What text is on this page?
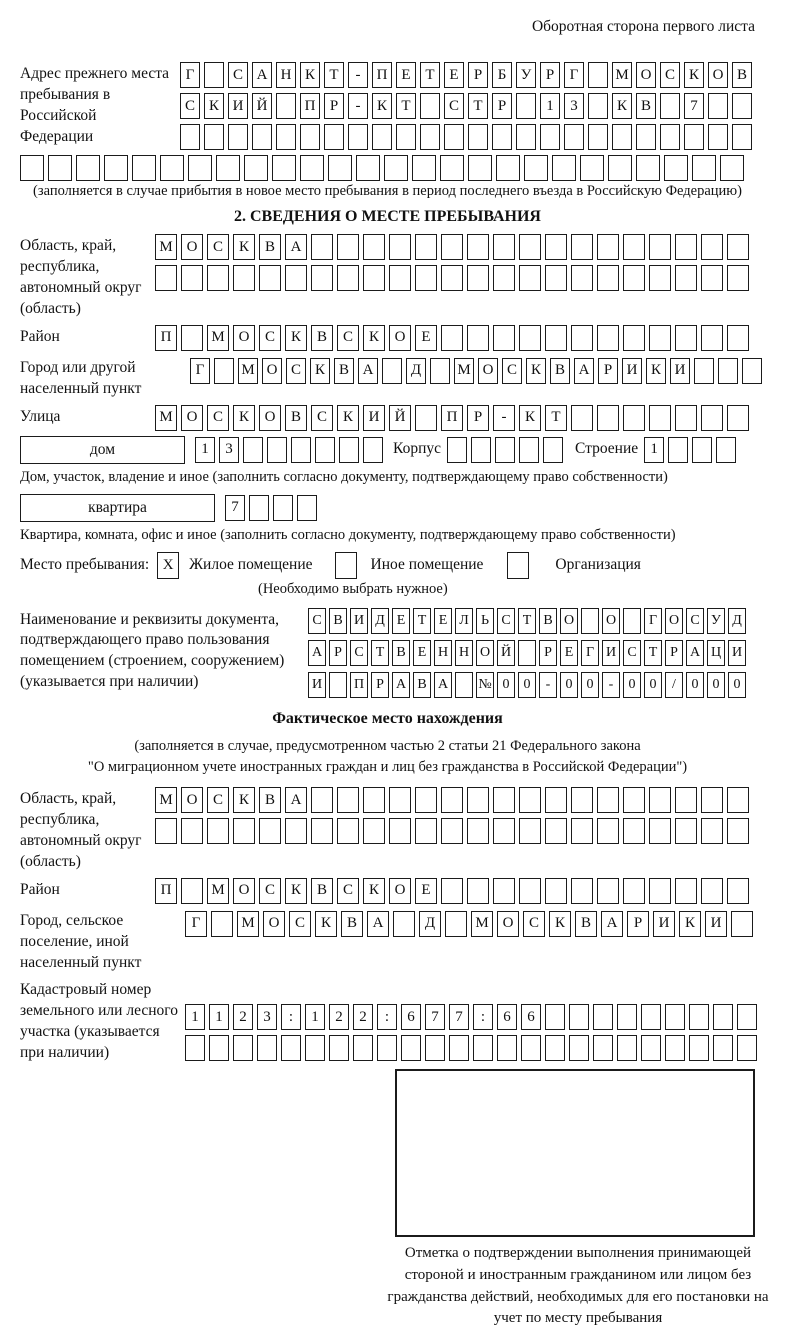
Оборотная сторона первого листа
Адрес прежнего места пребывания в Российской Федерации
Г	С А Н К Т	-	П Е Т Е	Р	Б У Р	Г	М О С К О В
С К И Й	П Р	-	К Т	С Т	Р	1	3	К В	7
(заполняется в случае прибытия в новое место пребывания в период последнего въезда в Российскую Федерацию)
2. СВЕДЕНИЯ О МЕСТЕ ПРЕБЫВАНИЯ
Область, край, республика, автономный округ (область)
М О	С	К	В	А
Район	П	М О	С	К	В	С	К	О	Е
Город или другой населенный пункт
Г	М О С К В А	Д	М О С К В А Р И К И
Улица	М О	С	К	О	В	С	К	И	Й	П	Р	-	К	Т
дом	1	3	Корпус	Строение 1
Дом, участок, владение и иное (заполнить согласно документу, подтверждающему право собственности)
квартира	7
Квартира, комната, офис и иное (заполнить согласно документу, подтверждающему право собственности)
Место пребывания: X	Жилое помещение	Иное помещение	Организация
(Необходимо выбрать нужное)
Наименование и реквизиты документа, подтверждающего право пользования помещением (строением, сооружением) (указывается при наличии)
С В И Д Е Т Е Л Ь С Т В О О	Г О С У Д
А Р С Т В Е Н Н О Й	Р Е Г И С Т Р А Ц И
И П Р А В А № 0	0	-	0	0	-	0	0	/	0	0	0
Фактическое место нахождения
(заполняется в случае, предусмотренном частью 2 статьи 21 Федерального закона
"О миграционном учете иностранных граждан и лиц без гражданства в Российской Федерации")
Область, край, республика, автономный округ (область)
М О	С	К	В	А
Район	П	М О	С	К	В	С	К	О	Е
Город, сельское поселение, иной населенный пункт
Г	М О	С	К	В	А	Д	М О	С	К	В	А	Р	И	К	И
Кадастровый номер земельного или лесного участка (указывается при наличии)
1	1	2	3	:	1	2	2	:	6	7	7	:	6	6
Отметка о подтверждении выполнения принимающей стороной и иностранным гражданином или лицом без гражданства действий, необходимых для его постановки на учет по месту пребывания
